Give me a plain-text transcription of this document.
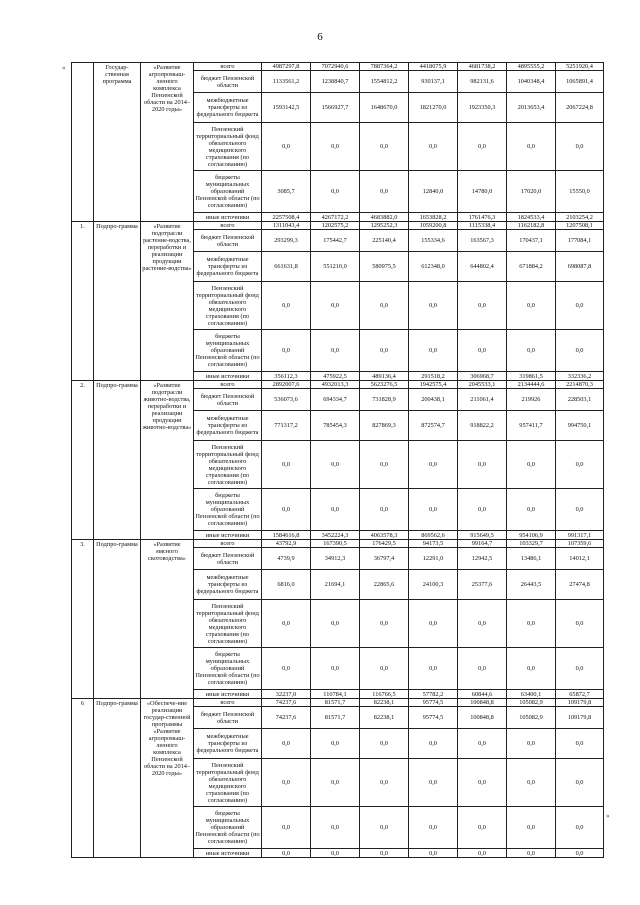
6
«
»
	Государ-ственная программа	«Развитие агропромыш-ленного комплекса Пензенской области на 2014–2020 годы»	всего	4987297,8	7072940,6	7887364,2	4418075,9	4681738,2	4895555,2	5251920,4
			бюджет Пензенской области	1133561,2	1238840,7	1554812,2	930137,1	982131,6	1040348,4	1065891,4
			межбюджетные трансферты из федерального бюджета	1593142,5	1566927,7	1648670,0	1821270,0	1923350,3	2013653,4	2067224,8
			Пензенский территориальный фонд обязательного медицинского страхования (по согласованию)	0,0	0,0	0,0	0,0	0,0	0,0	0,0
			бюджеты муниципальных образований Пензенской области (по согласованию)	3085,7	0,0	0,0	12840,0	14780,0	17020,0	15550,0
			иные источники	2257508,4	4267172,2	4683882,0	1653828,2	1761476,3	1824533,4	2103254,2
1.	Подпро-грамма	«Развитие подотрасли растение-водства, переработки и реализации продукции растение-водства»	всего	1311043,4	1202575,2	1295252,3	1059200,8	1115338,4	1162182,8	1207508,1
			бюджет Пензенской области	293299,3	175442,7	225140,4	155334,6	163567,3	170437,1	177084,1
			межбюджетные трансферты из федерального бюджета	661631,8	551210,0	580975,5	612348,0	644802,4	671884,2	698087,8
			Пензенский территориальный фонд обязательного медицинского страхования (по согласованию)	0,0	0,0	0,0	0,0	0,0	0,0	0,0
			бюджеты муниципальных образований Пензенской области (по согласованию)	0,0	0,0	0,0	0,0	0,0	0,0	0,0
			иные источники	356112,3	475922,5	489136,4	291518,2	306968,7	319861,5	332336,2
2.	Подпро-грамма	«Развитие подотрасли животно-водства, переработки и реализации продукции животно-водства»	всего	2892007,6	4932013,3	5623276,5	1942575,4	2045533,1	2134444,6	2214870,3
			бюджет Пензенской области	536073,6	694334,7	731828,9	200438,1	211061,4	219926	228503,1
			межбюджетные трансферты из федерального бюджета	771317,2	785454,3	827869,3	872574,7	918822,2	957411,7	994750,1
			Пензенский территориальный фонд обязательного медицинского страхования (по согласованию)	0,0	0,0	0,0	0,0	0,0	0,0	0,0
			бюджеты муниципальных образований Пензенской области (по согласованию)	0,0	0,0	0,0	0,0	0,0	0,0	0,0
			иные источники	1584616,8	3452224,3	4063578,3	869562,6	915649,5	954106,9	991317,1
3.	Подпро-грамма	«Развитие мясного скотоводства»	всего	43792,9	167390,5	176429,5	94173,5	99164,7	103329,7	107359,6
			бюджет Пензенской области	4739,9	34912,3	36797,4	12291,0	12942,5	13486,1	14012,1
			межбюджетные трансферты из федерального бюджета	6816,0	21694,1	22865,6	24100,3	25377,6	26443,5	27474,8
			Пензенский территориальный фонд обязательного медицинского страхования (по согласованию)	0,0	0,0	0,0	0,0	0,0	0,0	0,0
			бюджеты муниципальных образований Пензенской области (по согласованию)	0,0	0,0	0,0	0,0	0,0	0,0	0,0
			иные источники	32237,0	110784,1	116766,5	57782,2	60844,6	63400,1	65872,7
6	Подпро-грамма	«Обеспече-ние реализации государ-ственной программы «Развитие агропромыш-ленного комплекса Пензенской области на 2014–2020 годы»	всего	74237,6	81571,7	82238,1	95774,5	100848,8	105082,9	109179,8
			бюджет Пензенской области	74237,6	81571,7	82238,1	95774,5	100848,8	105082,9	109179,8
			межбюджетные трансферты из федерального бюджета	0,0	0,0	0,0	0,0	0,0	0,0	0,0
			Пензенский территориальный фонд обязательного медицинского страхования (по согласованию)	0,0	0,0	0,0	0,0	0,0	0,0	0,0
			бюджеты муниципальных образований Пензенской области (по согласованию)	0,0	0,0	0,0	0,0	0,0	0,0	0,0
			иные источники	0,0	0,0	0,0	0,0	0,0	0,0	0,0
